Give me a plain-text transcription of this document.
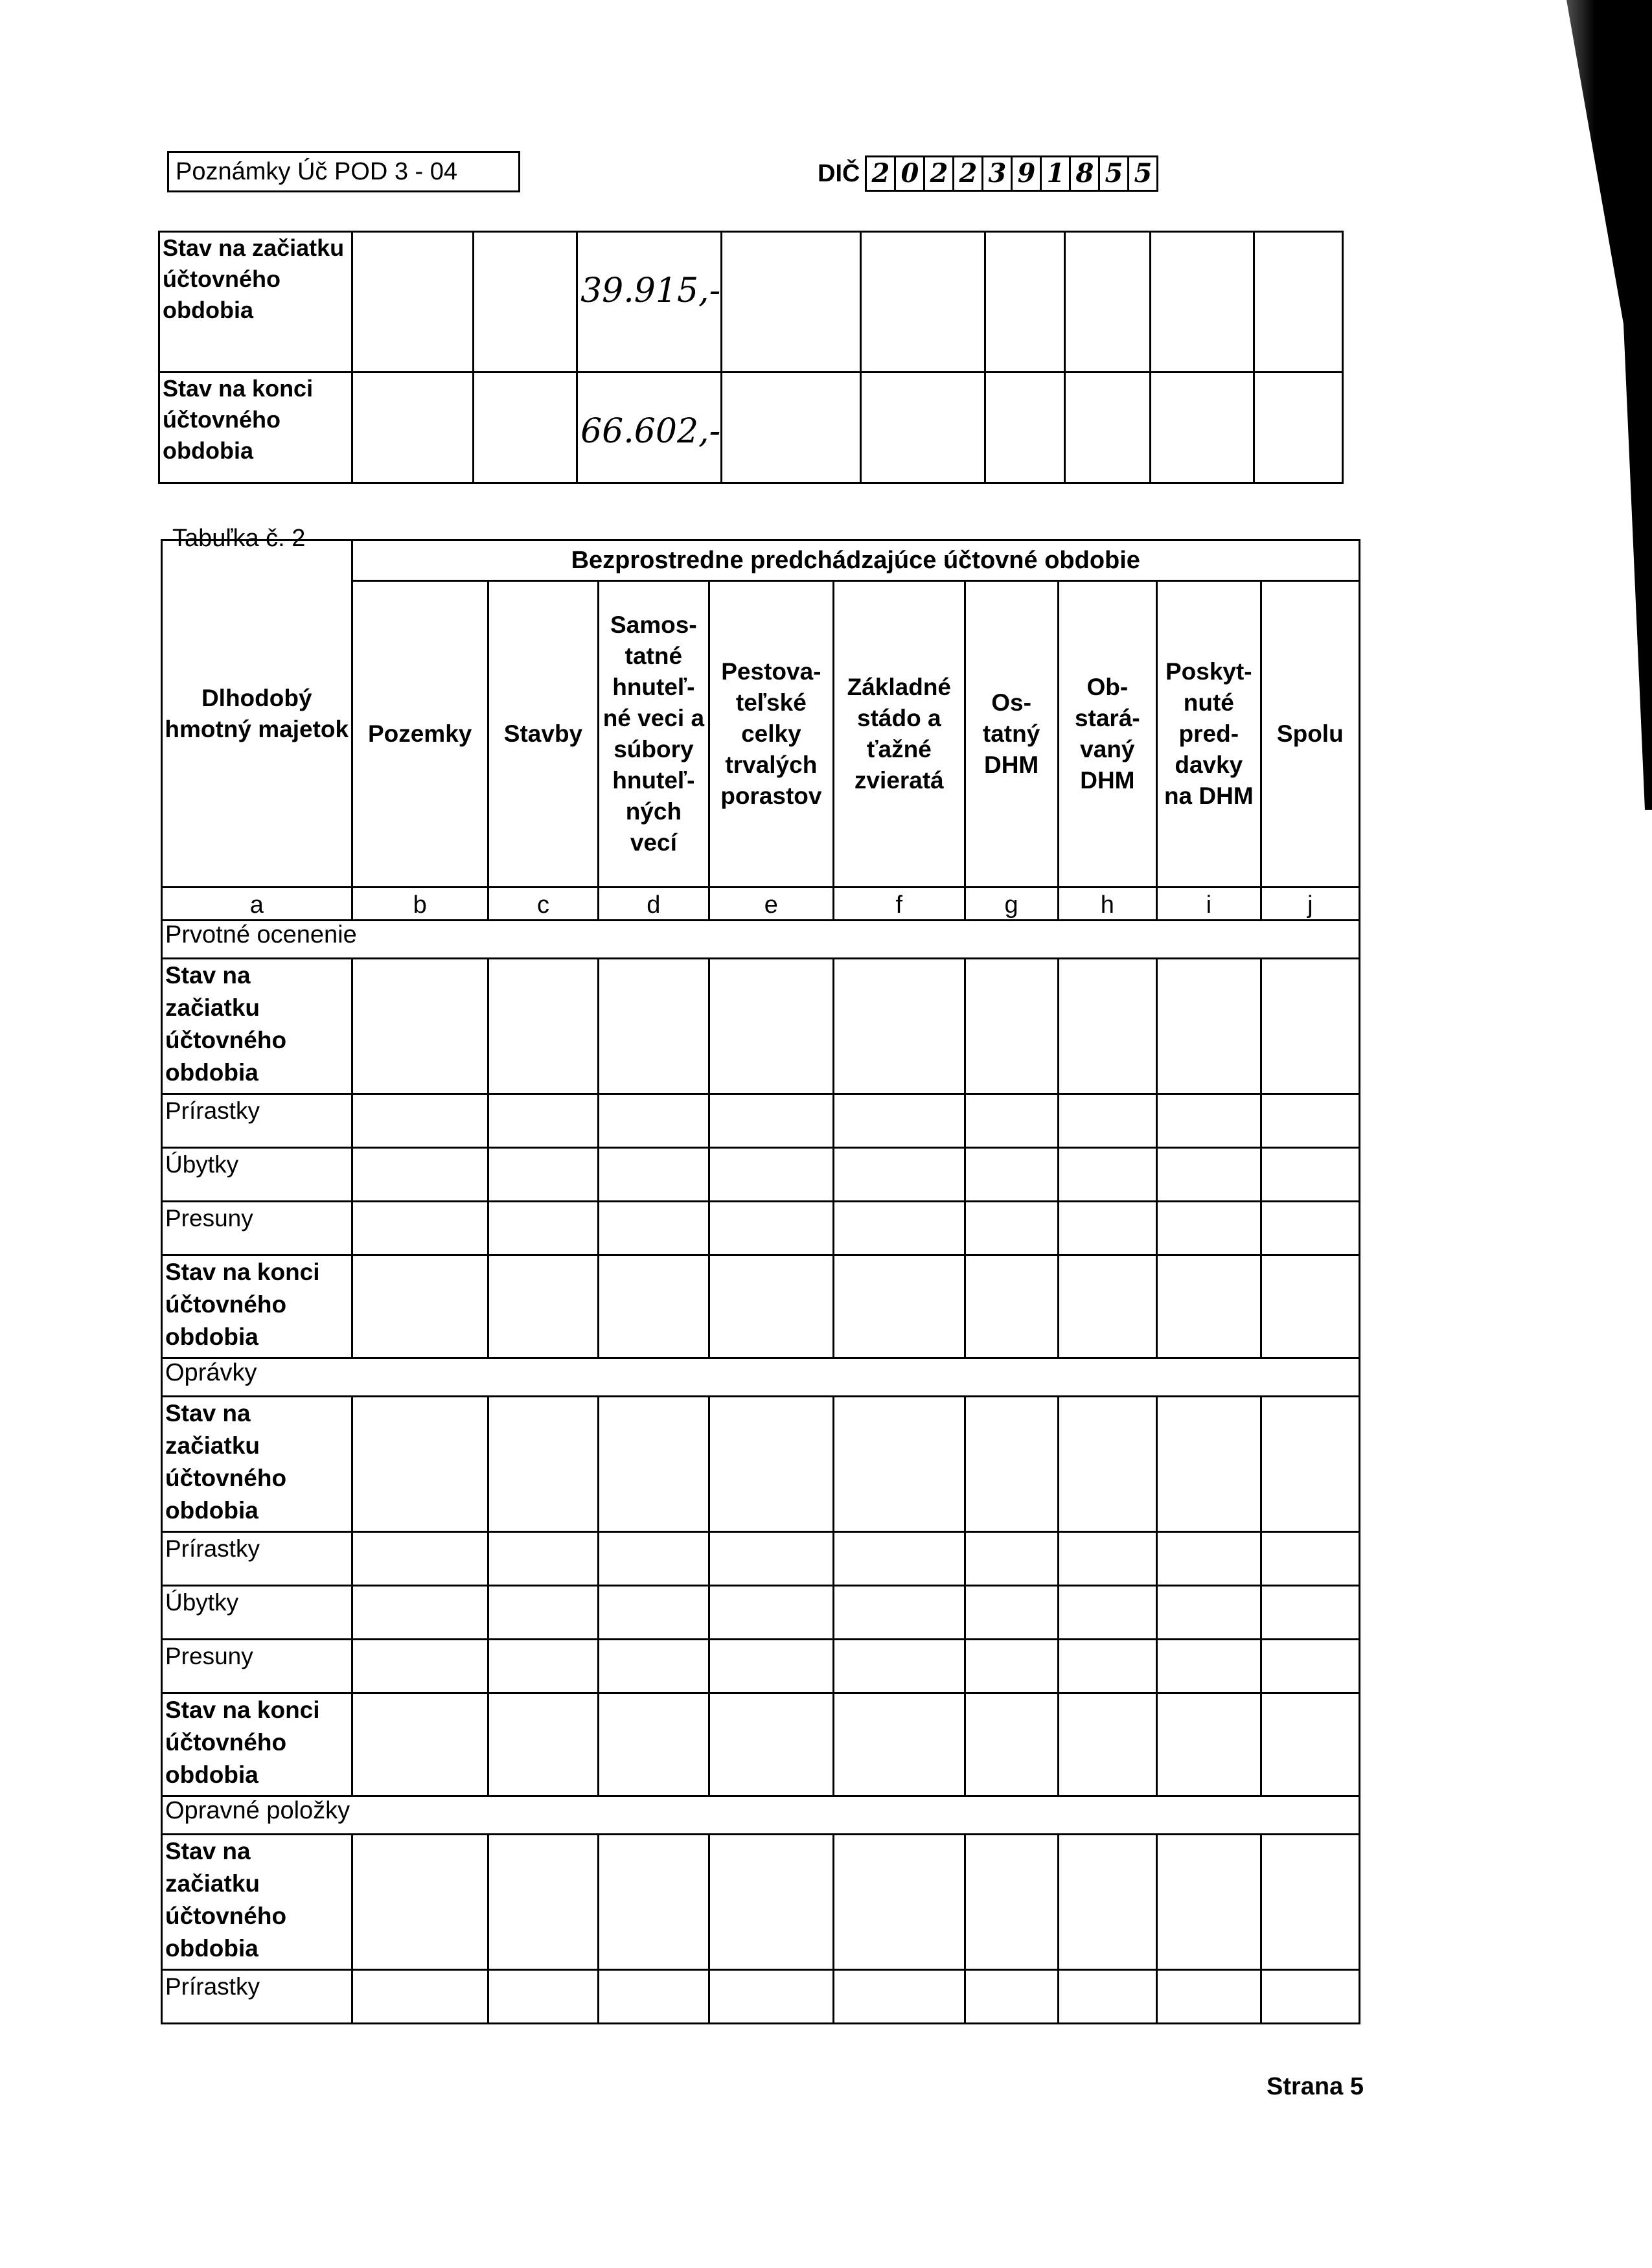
Poznámky Úč POD 3 - 04	DIČ 2 0 2 2 3 9 1 8 5 5
Stav na začiatku účtovného obdobia			39.915,-						

Stav na konci účtovného obdobia			66.602,-						

Tabuľka č. 2
Dlhodobý hmotný majetok	Bezprostredne predchádzajúce účtovné obdobie								
	Pozemky	Stavby	Samos-tatné hnuteľ-né veci a súbory hnuteľ-ných vecí	Pestova-teľské celky trvalých porastov	Základné stádo a ťažné zvieratá	Os-tatný DHM	Ob-stará-vaný DHM	Poskyt-nuté pred-davky na DHM	Spolu
a	b	c	d	e	f	g	h	i	j
Prvotné ocenenie									
Stav na začiatku účtovného obdobia									
Prírastky									
Úbytky									
Presuny									
Stav na konci účtovného obdobia									
Oprávky									
Stav na začiatku účtovného obdobia									
Prírastky									
Úbytky									
Presuny									
Stav na konci účtovného obdobia									
Opravné položky									
Stav na začiatku účtovného obdobia									
Prírastky									
Strana 5
